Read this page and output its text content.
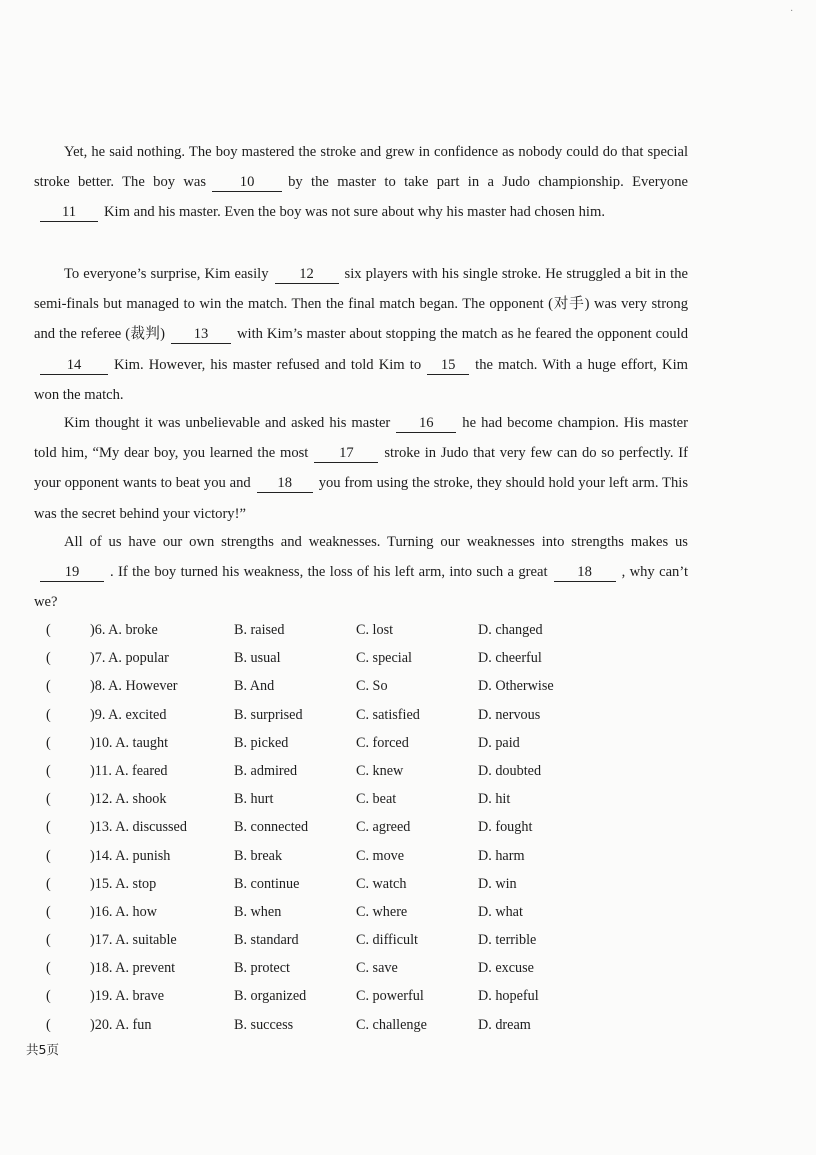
·
Yet, he said nothing. The boy mastered the stroke and grew in confidence as nobody could do that special stroke better. The boy was 10 by the master to take part in a Judo championship. Everyone11 Kim and his master. Even the boy was not sure about why his master had chosen him.
To everyone’s surprise, Kim easily 12 six players with his single stroke. He struggled a bit in the semi-finals but managed to win the match. Then the final match began. The opponent (对手) was very strong and the referee (裁判) 13 with Kim’s master about stopping the match as he feared the opponent could14 Kim. However, his master refused and told Kim to 15 the match. With a huge effort, Kim won the match.
Kim thought it was unbelievable and asked his master 16 he had become champion. His master told him, “My dear boy, you learned the most 17 stroke in Judo that very few can do so perfectly. If your opponent wants to beat you and 18 you from using the stroke, they should hold your left arm. This was the secret behind your victory!”
All of us have our own strengths and weaknesses. Turning our weaknesses into strengths makes us19 . If the boy turned his weakness, the loss of his left arm, into such a great 18 , why can’t we?
(	)6. A. broke	B. raised	C. lost	D. changed
(	)7. A. popular	B. usual	C. special	D. cheerful
(	)8. A. However	B. And	C. So	D. Otherwise
(	)9. A. excited	B. surprised	C. satisfied	D. nervous
(	)10. A. taught	B. picked	C. forced	D. paid
(	)11. A. feared	B. admired	C. knew	D. doubted
(	)12. A. shook	B. hurt	C. beat	D. hit
(	)13. A. discussed	B. connected	C. agreed	D. fought
(	)14. A. punish	B. break	C. move	D. harm
(	)15. A. stop	B. continue	C. watch	D. win
(	)16. A. how	B. when	C. where	D. what
(	)17. A. suitable	B. standard	C. difficult	D. terrible
(	)18. A. prevent	B. protect	C. save	D. excuse
(	)19. A. brave	B. organized	C. powerful	D. hopeful
(	)20. A. fun	B. success	C. challenge	D. dream
共5页
